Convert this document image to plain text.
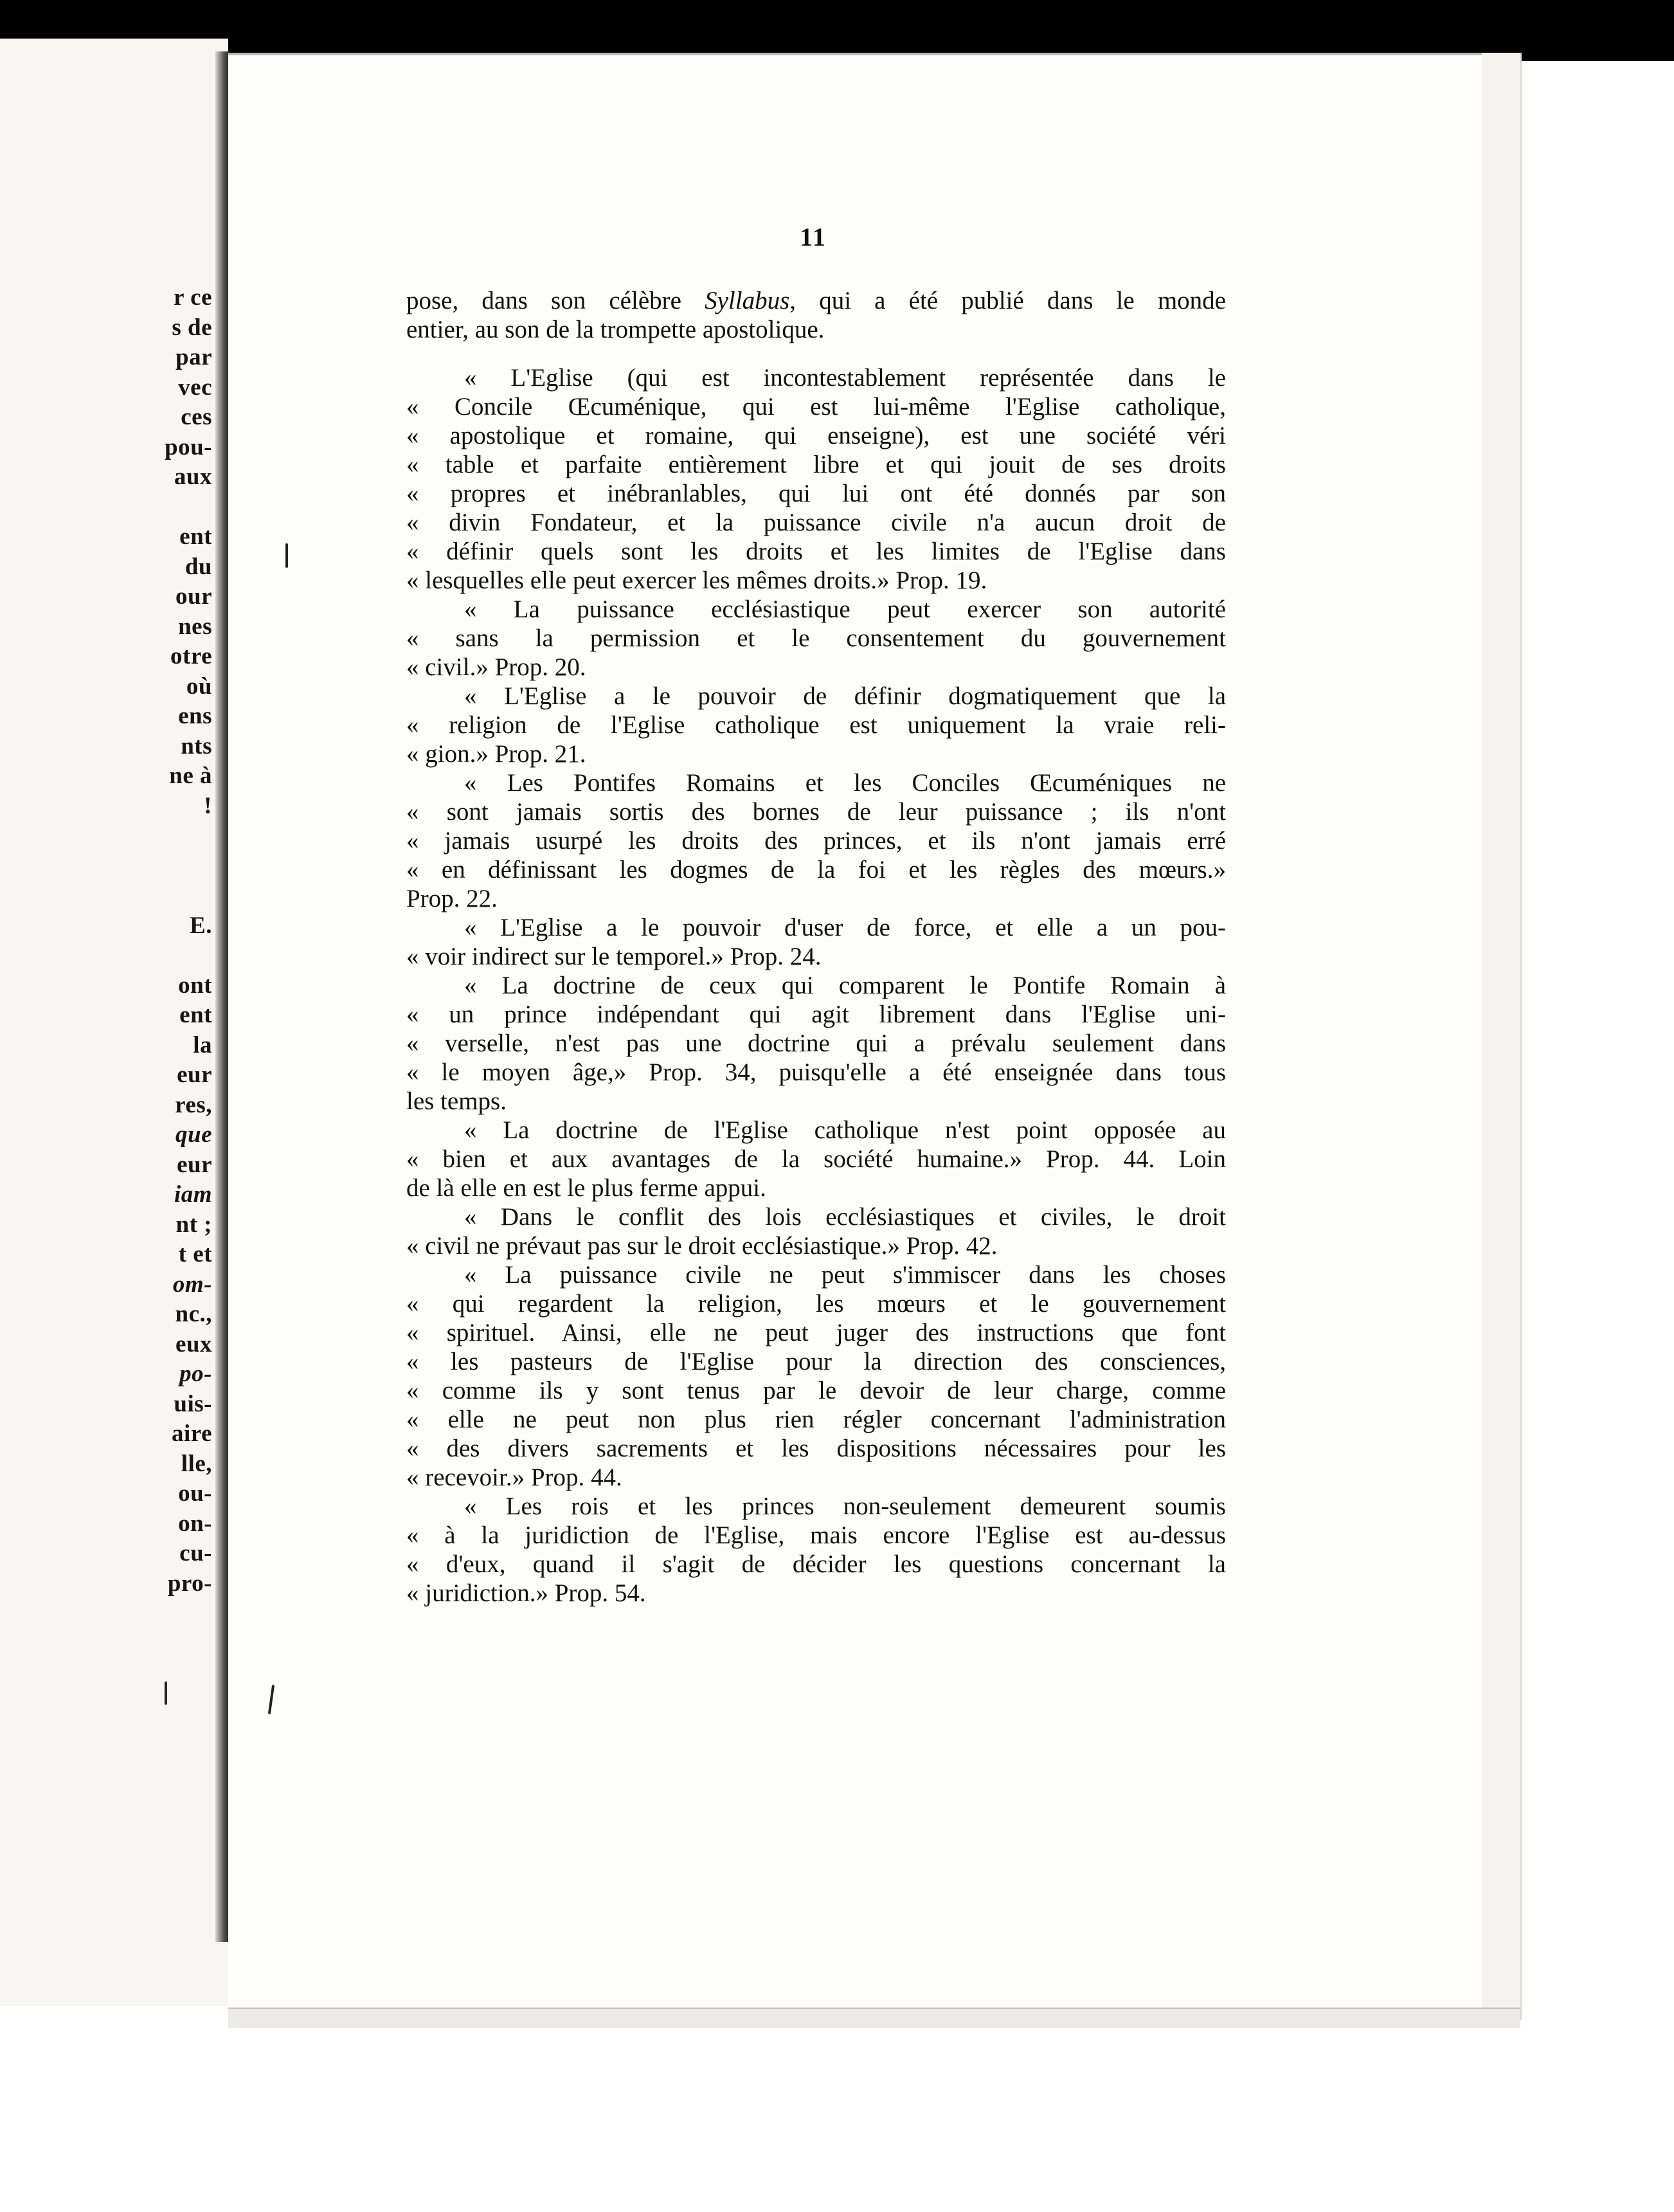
r ce
s de
par
vec
ces
pou-
aux
ent
du
our
nes
otre
où
ens
nts
ne à
!
E.
ont
ent
la
eur
res,
que
eur
iam
nt ;
t et
om-
nc.,
eux
po-
uis-
aire
lle,
ou-
on-
cu-
pro-
11
pose, dans son célèbre Syllabus, qui a été publié dans le monde
entier, au son de la trompette apostolique.
« L'Eglise (qui est incontestablement représentée dans le
« Concile Œcuménique, qui est lui-même l'Eglise catholique,
« apostolique et romaine, qui enseigne), est une société véri
« table et parfaite entièrement libre et qui jouit de ses droits
« propres et inébranlables, qui lui ont été donnés par son
« divin Fondateur, et la puissance civile n'a aucun droit de
« définir quels sont les droits et les limites de l'Eglise dans
« lesquelles elle peut exercer les mêmes droits.» Prop. 19.
« La puissance ecclésiastique peut exercer son autorité
« sans la permission et le consentement du gouvernement
« civil.» Prop. 20.
« L'Eglise a le pouvoir de définir dogmatiquement que la
« religion de l'Eglise catholique est uniquement la vraie reli-
« gion.» Prop. 21.
« Les Pontifes Romains et les Conciles Œcuméniques ne
« sont jamais sortis des bornes de leur puissance ; ils n'ont
« jamais usurpé les droits des princes, et ils n'ont jamais erré
« en définissant les dogmes de la foi et les règles des mœurs.»
Prop. 22.
« L'Eglise a le pouvoir d'user de force, et elle a un pou-
« voir indirect sur le temporel.» Prop. 24.
« La doctrine de ceux qui comparent le Pontife Romain à
« un prince indépendant qui agit librement dans l'Eglise uni-
« verselle, n'est pas une doctrine qui a prévalu seulement dans
« le moyen âge,» Prop. 34, puisqu'elle a été enseignée dans tous
les temps.
« La doctrine de l'Eglise catholique n'est point opposée au
« bien et aux avantages de la société humaine.» Prop. 44. Loin
de là elle en est le plus ferme appui.
« Dans le conflit des lois ecclésiastiques et civiles, le droit
« civil ne prévaut pas sur le droit ecclésiastique.» Prop. 42.
« La puissance civile ne peut s'immiscer dans les choses
« qui regardent la religion, les mœurs et le gouvernement
« spirituel. Ainsi, elle ne peut juger des instructions que font
« les pasteurs de l'Eglise pour la direction des consciences,
« comme ils y sont tenus par le devoir de leur charge, comme
« elle ne peut non plus rien régler concernant l'administration
« des divers sacrements et les dispositions nécessaires pour les
« recevoir.» Prop. 44.
« Les rois et les princes non-seulement demeurent soumis
« à la juridiction de l'Eglise, mais encore l'Eglise est au-dessus
« d'eux, quand il s'agit de décider les questions concernant la
« juridiction.» Prop. 54.
